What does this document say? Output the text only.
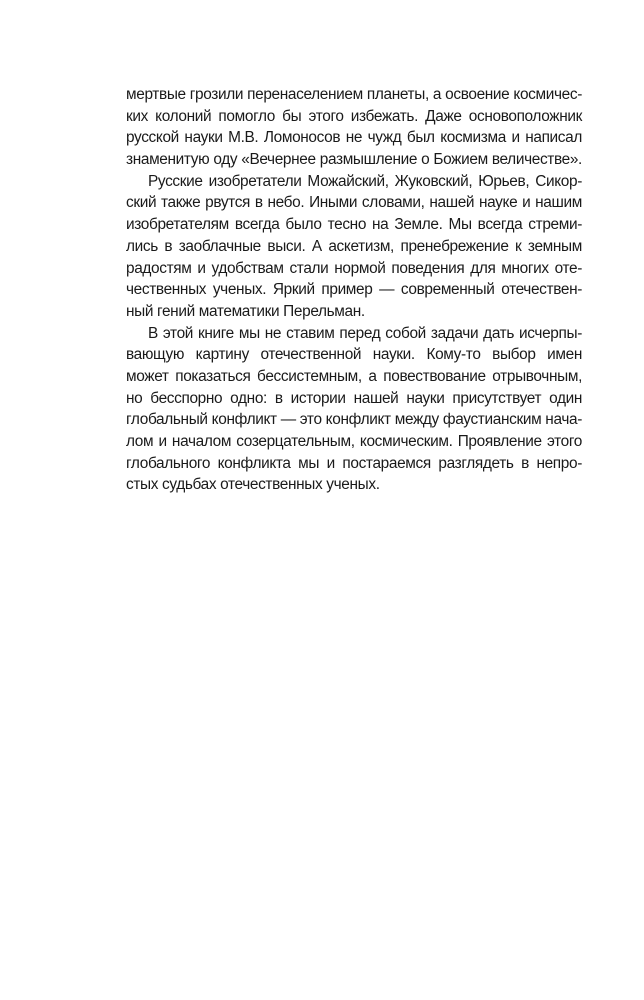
мертвые грозили перенаселением планеты, а освоение космичес-
ких колоний помогло бы этого избежать. Даже основоположник
русской науки М.В. Ломоносов не чужд был космизма и написал
знаменитую оду «Вечернее размышление о Божием величестве».
Русские изобретатели Можайский, Жуковский, Юрьев, Сикор-
ский также рвутся в небо. Иными словами, нашей науке и нашим
изобретателям всегда было тесно на Земле. Мы всегда стреми-
лись в заоблачные выси. А аскетизм, пренебрежение к земным
радостям и удобствам стали нормой поведения для многих оте-
чественных ученых. Яркий пример — современный отечествен-
ный гений математики Перельман.
В этой книге мы не ставим перед собой задачи дать исчерпы-
вающую картину отечественной науки. Кому-то выбор имен
может показаться бессистемным, а повествование отрывочным,
но бесспорно одно: в истории нашей науки присутствует один
глобальный конфликт — это конфликт между фаустианским нача-
лом и началом созерцательным, космическим. Проявление этого
глобального конфликта мы и постараемся разглядеть в непро-
стых судьбах отечественных ученых.
